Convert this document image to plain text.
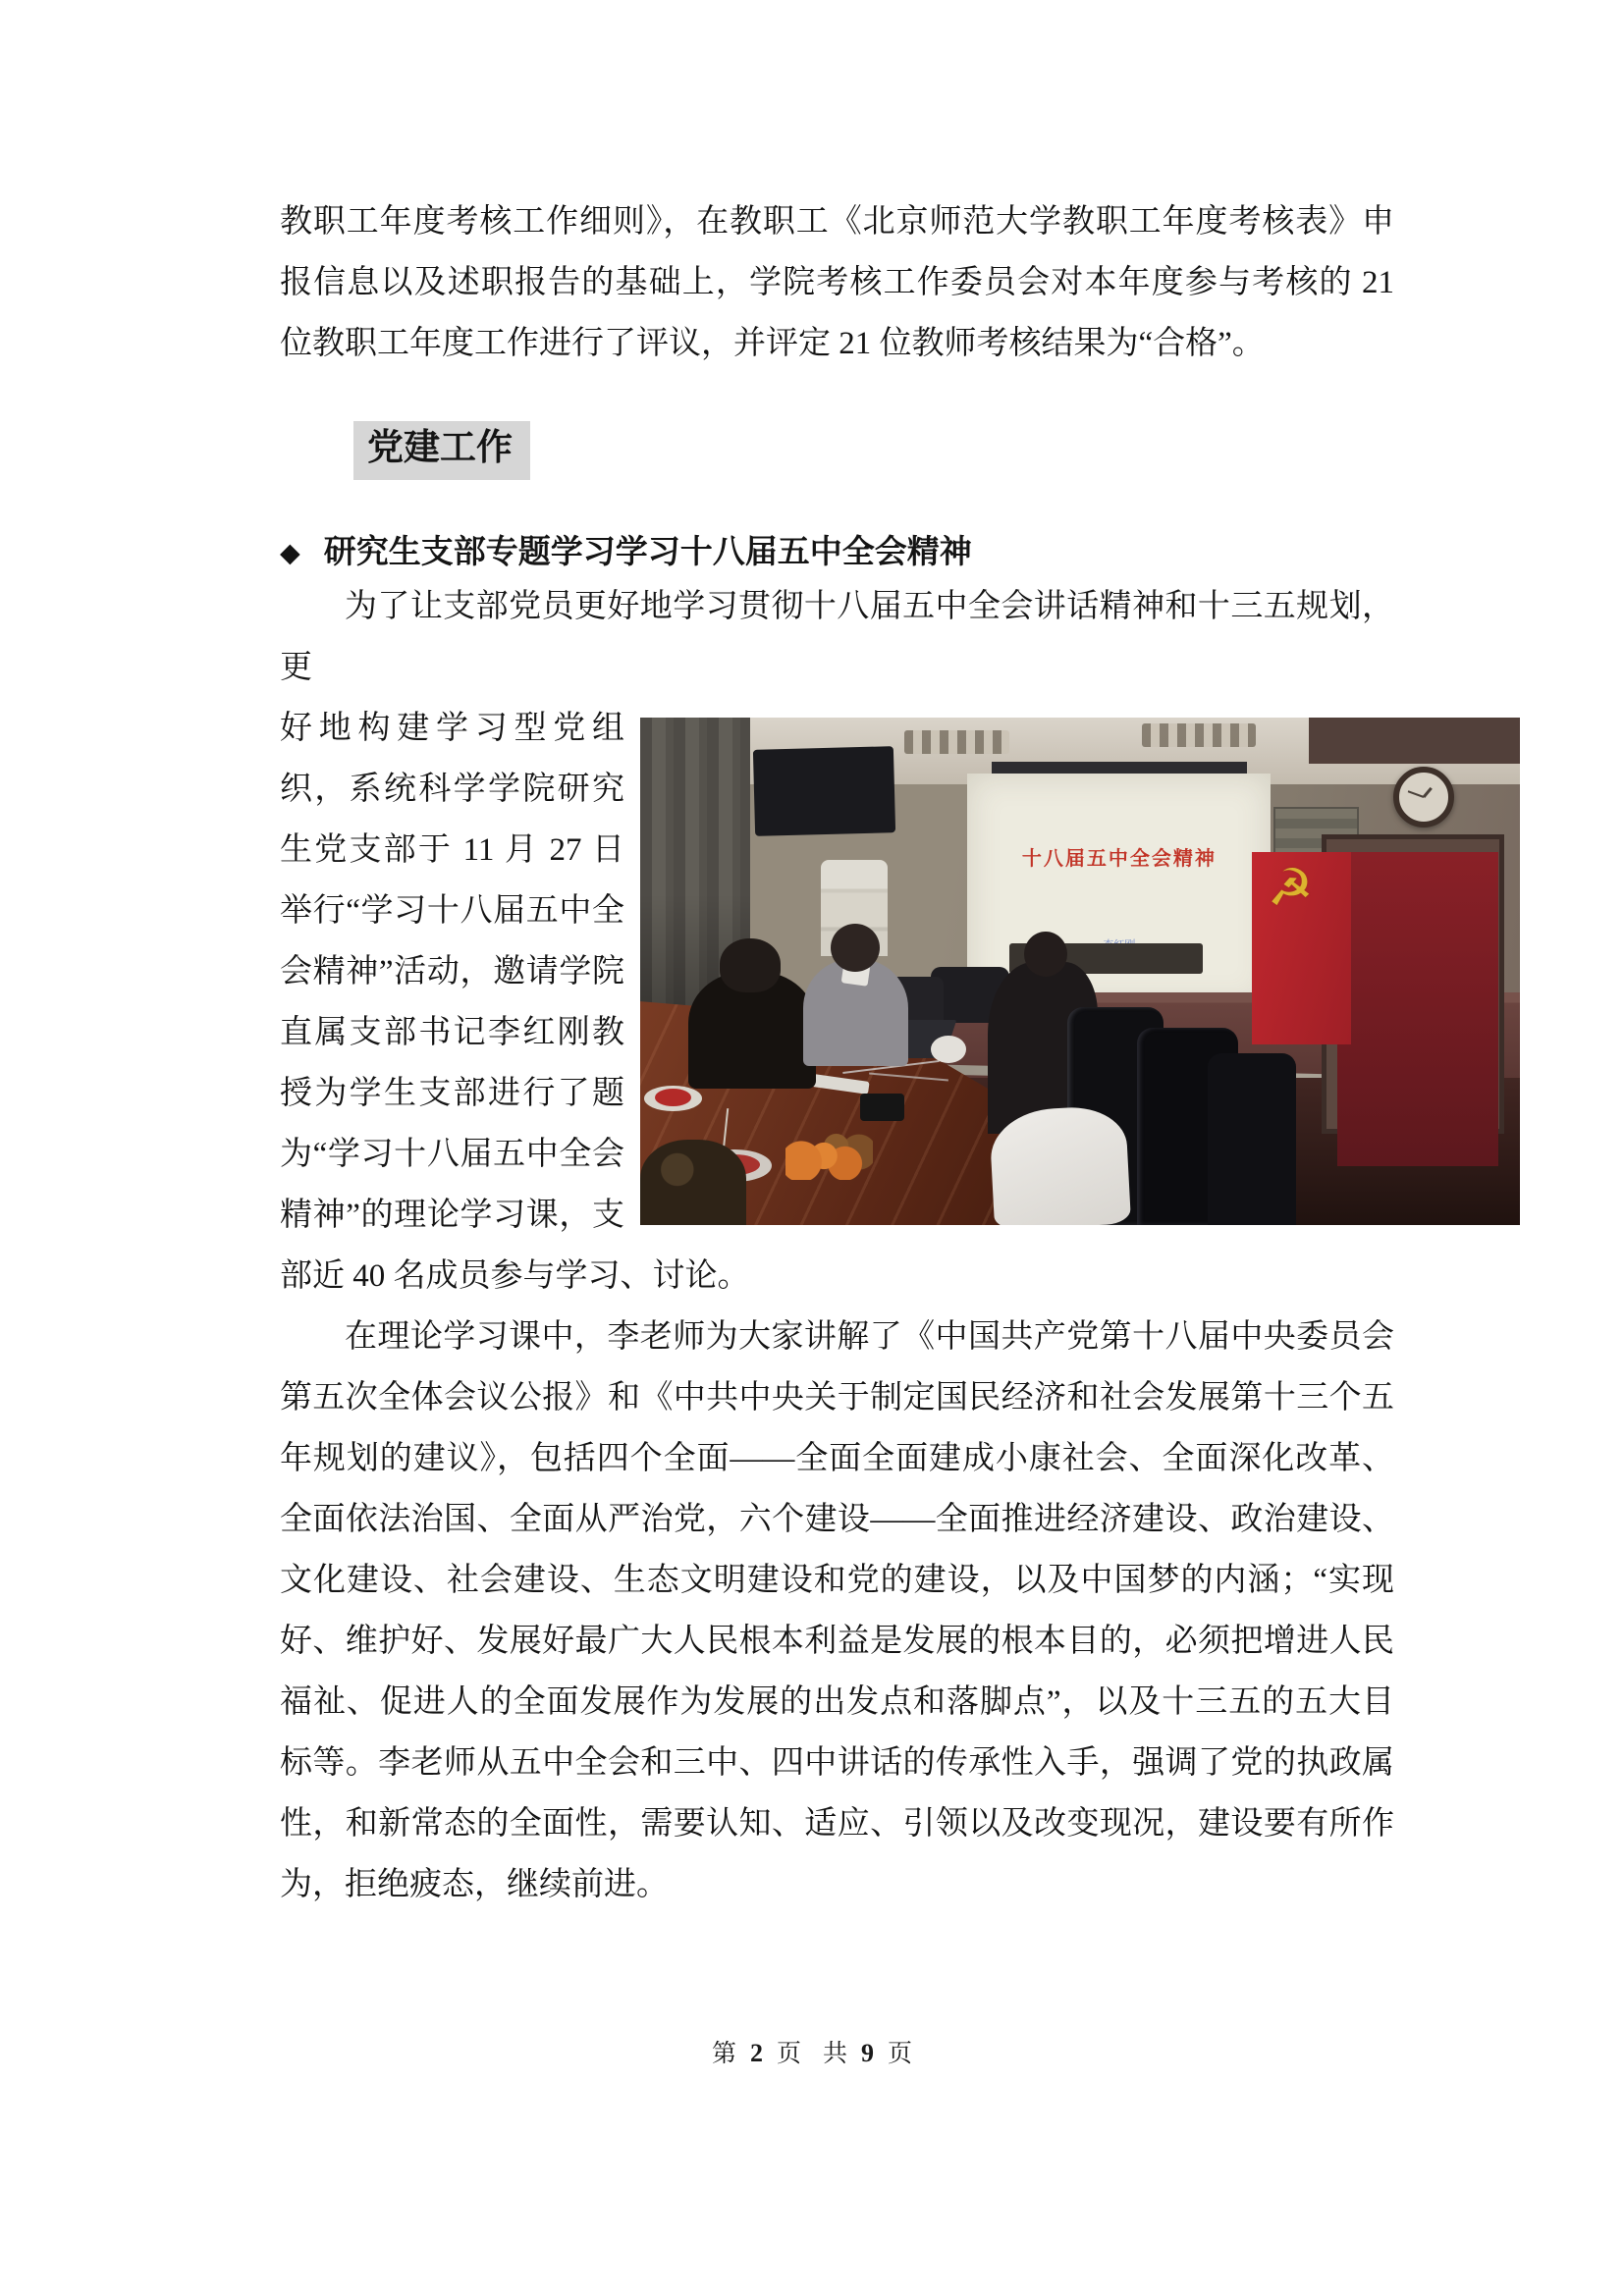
教职工年度考核工作细则》，在教职工《北京师范大学教职工年度考核表》申报信息以及述职报告的基础上，学院考核工作委员会对本年度参与考核的 21 位教职工年度工作进行了评议，并评定 21 位教师考核结果为“合格”。

党建工作
◆ 研究生支部专题学习学习十八届五中全会精神

为了让支部党员更好地学习贯彻十八届五中全会讲话精神和十三五规划，更
十八届五中全会精神 ☭
好地构建学习型党组织，系统科学学院研究生党支部于 11 月 27 日举行“学习十八届五中全会精神”活动，邀请学院直属支部书记李红刚教授为学生支部进行了题为“学习十八届五中全会精神”的理论学习课，支部近 40 名成员参与学习、讨论。

在理论学习课中，李老师为大家讲解了《中国共产党第十八届中央委员会第五次全体会议公报》和《中共中央关于制定国民经济和社会发展第十三个五年规划的建议》，包括四个全面——全面全面建成小康社会、全面深化改革、全面依法治国、全面从严治党，六个建设——全面推进经济建设、政治建设、文化建设、社会建设、生态文明建设和党的建设，以及中国梦的内涵；“实现好、维护好、发展好最广大人民根本利益是发展的根本目的，必须把增进人民福祉、促进人的全面发展作为发展的出发点和落脚点”，以及十三五的五大目标等。李老师从五中全会和三中、四中讲话的传承性入手，强调了党的执政属性，和新常态的全面性，需要认知、适应、引领以及改变现况，建设要有所作为，拒绝疲态，继续前进。

第 2 页 共 9 页
